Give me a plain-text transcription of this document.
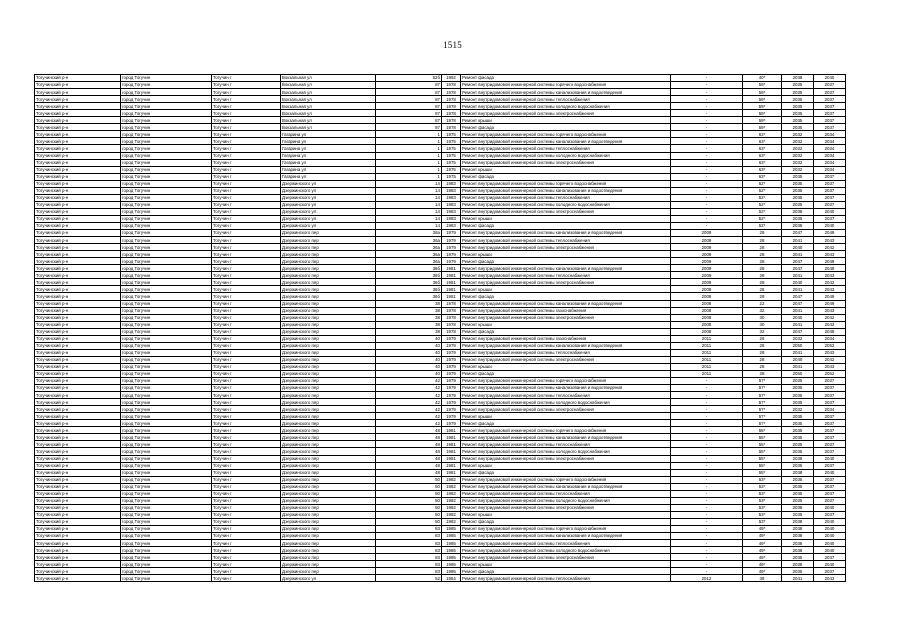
1515
Тогучинский р-н	город Тогучин	Тогучин г	Вокзальная ул	52б	1992	Ремонт фасада	-	40*	2038	2040
Тогучинский р-н	город Тогучин	Тогучин г	Вокзальная ул	87	1978	Ремонт внутридомовой инженерной системы горячего водоснабжения	-	59*	2035	2037
Тогучинский р-н	город Тогучин	Тогучин г	Вокзальная ул	87	1978	Ремонт внутридомовой инженерной системы канализования и водоотведения	-	59*	2035	2037
Тогучинский р-н	город Тогучин	Тогучин г	Вокзальная ул	87	1978	Ремонт внутридомовой инженерной системы теплоснабжения	-	59*	2035	2037
Тогучинский р-н	город Тогучин	Тогучин г	Вокзальная ул	87	1978	Ремонт внутридомовой инженерной системы холодного водоснабжения	-	59*	2035	2037
Тогучинский р-н	город Тогучин	Тогучин г	Вокзальная ул	87	1978	Ремонт внутридомовой инженерной системы электроснабжения	-	59*	2035	2037
Тогучинский р-н	город Тогучин	Тогучин г	Вокзальная ул	87	1978	Ремонт крыши	-	59*	2035	2037
Тогучинский р-н	город Тогучин	Тогучин г	Вокзальная ул	87	1978	Ремонт фасада	-	59*	2035	2037
Тогучинский р-н	город Тогучин	Тогучин г	Гагарина ул	1	1975	Ремонт внутридомовой инженерной системы горячего водоснабжения	-	63*	2032	2034
Тогучинский р-н	город Тогучин	Тогучин г	Гагарина ул	1	1975	Ремонт внутридомовой инженерной системы канализования и водоотведения	-	63*	2032	2034
Тогучинский р-н	город Тогучин	Тогучин г	Гагарина ул	1	1975	Ремонт внутридомовой инженерной системы теплоснабжения	-	63*	2032	2034
Тогучинский р-н	город Тогучин	Тогучин г	Гагарина ул	1	1975	Ремонт внутридомовой инженерной системы холодного водоснабжения	-	63*	2032	2034
Тогучинский р-н	город Тогучин	Тогучин г	Гагарина ул	1	1975	Ремонт внутридомовой инженерной системы электроснабжения	-	63*	2032	2034
Тогучинский р-н	город Тогучин	Тогучин г	Гагарина ул	1	1975	Ремонт крыши	-	63*	2032	2034
Тогучинский р-н	город Тогучин	Тогучин г	Гагарина ул	1	1975	Ремонт фасада	-	63*	2035	2037
Тогучинский р-н	город Тогучин	Тогучин г	Дзержинского ул	14	1983	Ремонт внутридомовой инженерной системы горячего водоснабжения	-	52*	2035	2037
Тогучинский р-н	город Тогучин	Тогучин г	Дзержинского ул	14	1983	Ремонт внутридомовой инженерной системы канализования и водоотведения	-	52*	2035	2037
Тогучинский р-н	город Тогучин	Тогучин г	Дзержинского ул	14	1983	Ремонт внутридомовой инженерной системы теплоснабжения	-	52*	2035	2037
Тогучинский р-н	город Тогучин	Тогучин г	Дзержинского ул	14	1983	Ремонт внутридомовой инженерной системы холодного водоснабжения	-	52*	2035	2037
Тогучинский р-н	город Тогучин	Тогучин г	Дзержинского ул	14	1983	Ремонт внутридомовой инженерной системы электроснабжения	-	52*	2038	2040
Тогучинский р-н	город Тогучин	Тогучин г	Дзержинского ул	14	1983	Ремонт крыши	-	52*	2035	2037
Тогучинский р-н	город Тогучин	Тогучин г	Дзержинского ул	14	1983	Ремонт фасада	-	52*	2038	2040
Тогучинский р-н	город Тогучин	Тогучин г	Дзержинского пер	36а	1979	Ремонт внутридомовой инженерной системы канализования и водоотведения	2009	28	2047	2049
Тогучинский р-н	город Тогучин	Тогучин г	Дзержинского пер	36а	1979	Ремонт внутридомовой инженерной системы теплоснабжения	2009	28	2041	2043
Тогучинский р-н	город Тогучин	Тогучин г	Дзержинского пер	36а	1979	Ремонт внутридомовой инженерной системы электроснабжения	2009	28	2040	2042
Тогучинский р-н	город Тогучин	Тогучин г	Дзержинского пер	36а	1979	Ремонт крыши	2009	28	2041	2043
Тогучинский р-н	город Тогучин	Тогучин г	Дзержинского пер	36а	1979	Ремонт фасада	2009	28	2047	2049
Тогучинский р-н	город Тогучин	Тогучин г	Дзержинского пер	36б	1981	Ремонт внутридомовой инженерной системы канализования и водоотведения	2009	28	2047	2049
Тогучинский р-н	город Тогучин	Тогучин г	Дзержинского пер	36б	1981	Ремонт внутридомовой инженерной системы теплоснабжения	2009	28	2041	2043
Тогучинский р-н	город Тогучин	Тогучин г	Дзержинского пер	36б	1981	Ремонт внутридомовой инженерной системы электроснабжения	2009	28	2040	2042
Тогучинский р-н	город Тогучин	Тогучин г	Дзержинского пер	36б	1981	Ремонт крыши	2009	28	2041	2043
Тогучинский р-н	город Тогучин	Тогучин г	Дзержинского пер	36б	1981	Ремонт фасада	2009	28	2047	2049
Тогучинский р-н	город Тогучин	Тогучин г	Дзержинского пер	38	1978	Ремонт внутридомовой инженерной системы канализования и водоотведения	2008	22	2047	2049
Тогучинский р-н	город Тогучин	Тогучин г	Дзержинского пер	38	1978	Ремонт внутридомовой инженерной системы газоснабжения	2008	32	2041	2043
Тогучинский р-н	город Тогучин	Тогучин г	Дзержинского пер	38	1978	Ремонт внутридомовой инженерной системы электроснабжения	2008	30	2040	2042
Тогучинский р-н	город Тогучин	Тогучин г	Дзержинского пер	38	1978	Ремонт крыши	2008	30	2041	2043
Тогучинский р-н	город Тогучин	Тогучин г	Дзержинского пер	38	1978	Ремонт фасада	2008	32	2047	2049
Тогучинский р-н	город Тогучин	Тогучин г	Дзержинского пер	40	1979	Ремонт внутридомовой инженерной системы газоснабжения	2011	26	2032	2034
Тогучинский р-н	город Тогучин	Тогучин г	Дзержинского пер	40	1979	Ремонт внутридомовой инженерной системы канализования и водоотведения	2011	28	2050	2052
Тогучинский р-н	город Тогучин	Тогучин г	Дзержинского пер	40	1979	Ремонт внутридомовой инженерной системы теплоснабжения	2011	28	2041	2043
Тогучинский р-н	город Тогучин	Тогучин г	Дзержинского пер	40	1979	Ремонт внутридомовой инженерной системы электроснабжения	2011	28	2040	2042
Тогучинский р-н	город Тогучин	Тогучин г	Дзержинского пер	40	1979	Ремонт крыши	2011	28	2041	2043
Тогучинский р-н	город Тогучин	Тогучин г	Дзержинского пер	40	1979	Ремонт фасада	2011	28	2050	2052
Тогучинский р-н	город Тогучин	Тогучин г	Дзержинского пер	42	1979	Ремонт внутридомовой инженерной системы горячего водоснабжения	-	57*	2035	2037
Тогучинский р-н	город Тогучин	Тогучин г	Дзержинского пер	42	1979	Ремонт внутридомовой инженерной системы канализования и водоотведения	-	57*	2035	2037
Тогучинский р-н	город Тогучин	Тогучин г	Дзержинского пер	42	1979	Ремонт внутридомовой инженерной системы теплоснабжения	-	57*	2035	2037
Тогучинский р-н	город Тогучин	Тогучин г	Дзержинского пер	42	1979	Ремонт внутридомовой инженерной системы холодного водоснабжения	-	57*	2035	2037
Тогучинский р-н	город Тогучин	Тогучин г	Дзержинского пер	42	1979	Ремонт внутридомовой инженерной системы электроснабжения	-	57*	2032	2034
Тогучинский р-н	город Тогучин	Тогучин г	Дзержинского пер	42	1979	Ремонт крыши	-	57*	2035	2037
Тогучинский р-н	город Тогучин	Тогучин г	Дзержинского пер	42	1979	Ремонт фасада	-	57*	2035	2037
Тогучинский р-н	город Тогучин	Тогучин г	Дзержинского пер	48	1981	Ремонт внутридомовой инженерной системы горячего водоснабжения	-	55*	2035	2037
Тогучинский р-н	город Тогучин	Тогучин г	Дзержинского пер	48	1981	Ремонт внутридомовой инженерной системы канализования и водоотведения	-	55*	2035	2037
Тогучинский р-н	город Тогучин	Тогучин г	Дзержинского пер	48	1981	Ремонт внутридомовой инженерной системы теплоснабжения	-	55*	2035	2037
Тогучинский р-н	город Тогучин	Тогучин г	Дзержинского пер	48	1981	Ремонт внутридомовой инженерной системы холодного водоснабжения	-	55*	2035	2037
Тогучинский р-н	город Тогучин	Тогучин г	Дзержинского пер	48	1981	Ремонт внутридомовой инженерной системы электроснабжения	-	55*	2038	2040
Тогучинский р-н	город Тогучин	Тогучин г	Дзержинского пер	48	1981	Ремонт крыши	-	55*	2035	2037
Тогучинский р-н	город Тогучин	Тогучин г	Дзержинского пер	48	1981	Ремонт фасада	-	55*	2038	2040
Тогучинский р-н	город Тогучин	Тогучин г	Дзержинского пер	50	1982	Ремонт внутридомовой инженерной системы горячего водоснабжения	-	53*	2035	2037
Тогучинский р-н	город Тогучин	Тогучин г	Дзержинского пер	50	1982	Ремонт внутридомовой инженерной системы канализования и водоотведения	-	53*	2035	2037
Тогучинский р-н	город Тогучин	Тогучин г	Дзержинского пер	50	1982	Ремонт внутридомовой инженерной системы теплоснабжения	-	53*	2035	2037
Тогучинский р-н	город Тогучин	Тогучин г	Дзержинского пер	50	1982	Ремонт внутридомовой инженерной системы холодного водоснабжения	-	53*	2035	2037
Тогучинский р-н	город Тогучин	Тогучин г	Дзержинского пер	50	1982	Ремонт внутридомовой инженерной системы электроснабжения	-	53*	2038	2040
Тогучинский р-н	город Тогучин	Тогучин г	Дзержинского пер	50	1982	Ремонт крыши	-	53*	2035	2037
Тогучинский р-н	город Тогучин	Тогучин г	Дзержинского пер	50	1982	Ремонт фасада	-	53*	2038	2040
Тогучинский р-н	город Тогучин	Тогучин г	Дзержинского пер	83	1985	Ремонт внутридомовой инженерной системы горячего водоснабжения	-	49*	2038	2040
Тогучинский р-н	город Тогучин	Тогучин г	Дзержинского пер	83	1985	Ремонт внутридомовой инженерной системы канализования и водоотведения	-	49*	2038	2040
Тогучинский р-н	город Тогучин	Тогучин г	Дзержинского пер	83	1985	Ремонт внутридомовой инженерной системы теплоснабжения	-	49*	2038	2040
Тогучинский р-н	город Тогучин	Тогучин г	Дзержинского пер	83	1985	Ремонт внутридомовой инженерной системы холодного водоснабжения	-	49*	2038	2040
Тогучинский р-н	город Тогучин	Тогучин г	Дзержинского пер	83	1985	Ремонт внутридомовой инженерной системы электроснабжения	-	49*	2035	2037
Тогучинский р-н	город Тогучин	Тогучин г	Дзержинского пер	83	1985	Ремонт крыши	-	49*	2038	2040
Тогучинский р-н	город Тогучин	Тогучин г	Дзержинского пер	83	1985	Ремонт фасада	-	49*	2035	2037
Тогучинский р-н	город Тогучин	Тогучин г	Дзержинского ул	52	1964	Ремонт внутридомовой инженерной системы теплоснабжения	2012	39	2041	2043
